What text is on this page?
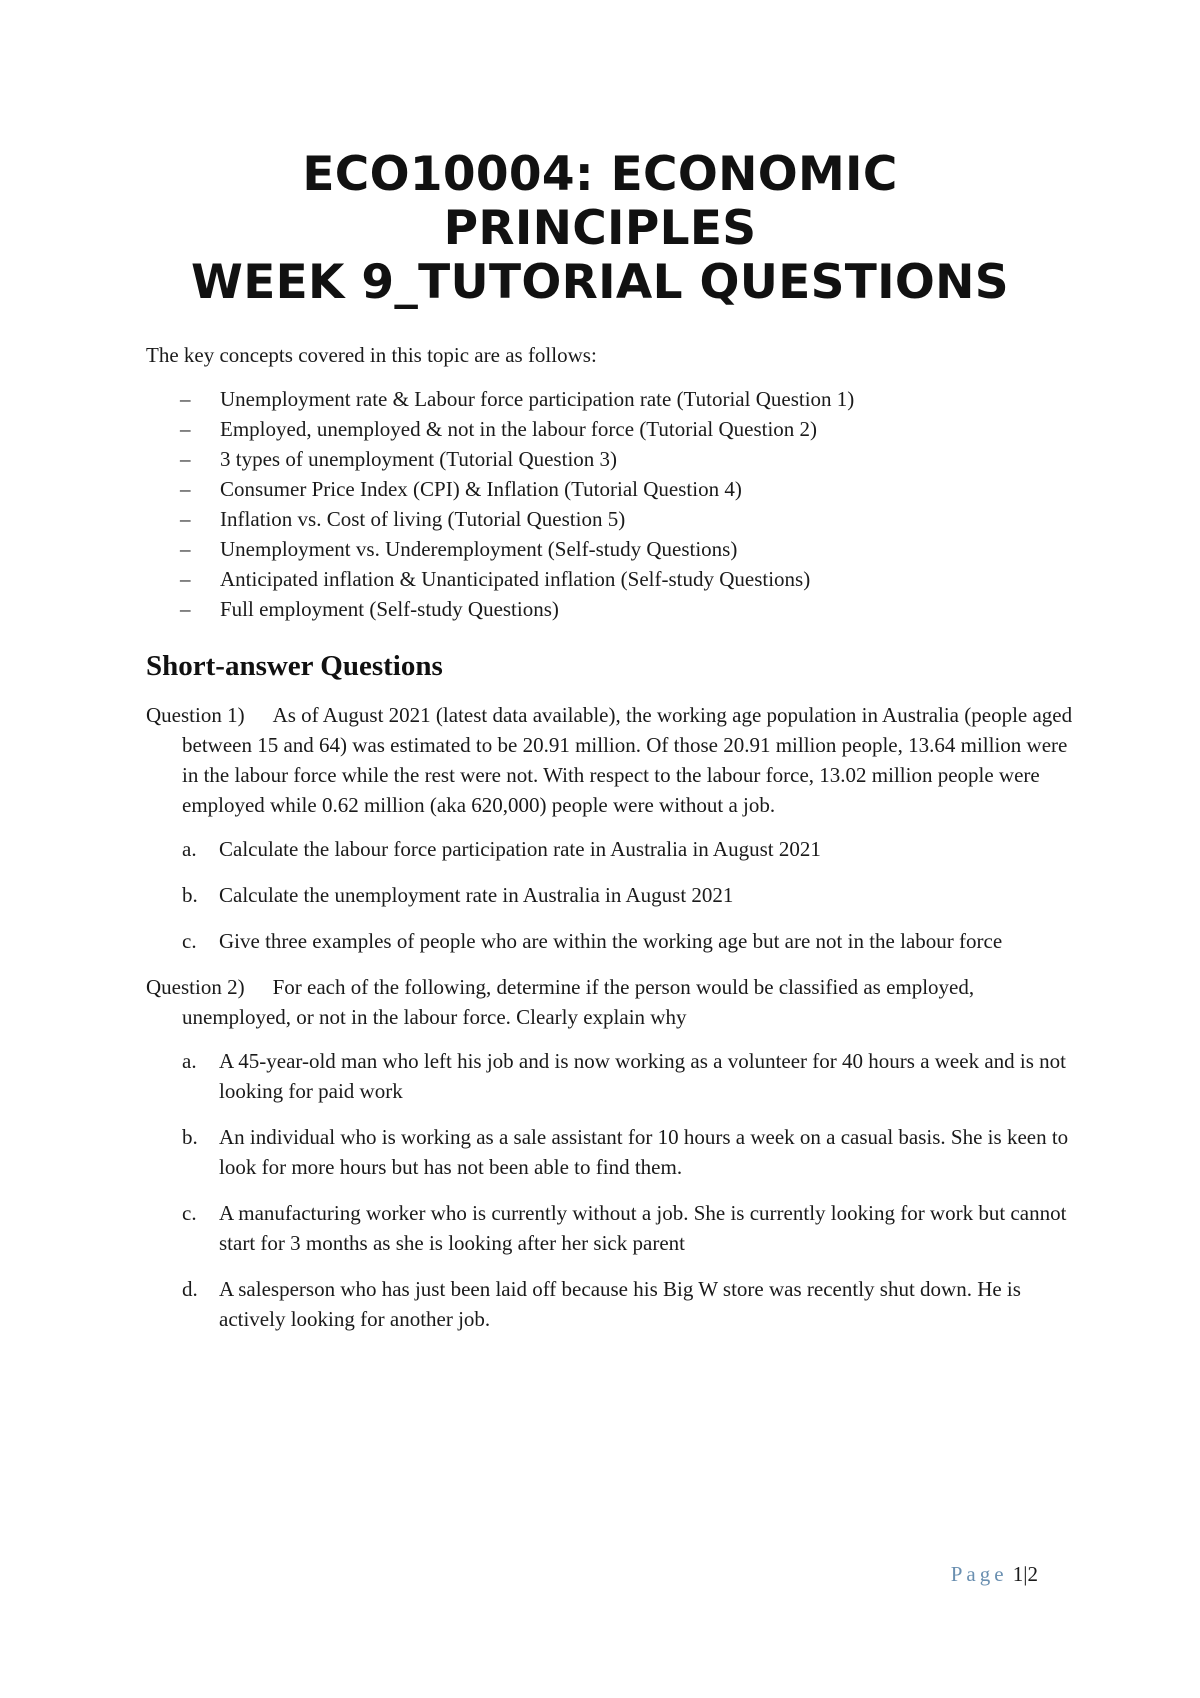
ECO10004: ECONOMIC
PRINCIPLES
WEEK 9_TUTORIAL QUESTIONS

The key concepts covered in this topic are as follows:

– Unemployment rate & Labour force participation rate (Tutorial Question 1)
– Employed, unemployed & not in the labour force (Tutorial Question 2)
– 3 types of unemployment (Tutorial Question 3)
– Consumer Price Index (CPI) & Inflation (Tutorial Question 4)
– Inflation vs. Cost of living (Tutorial Question 5)
– Unemployment vs. Underemployment (Self-study Questions)
– Anticipated inflation & Unanticipated inflation (Self-study Questions)
– Full employment (Self-study Questions)
Short-answer Questions

Question 1) As of August 2021 (latest data available), the working age population in Australia (people aged between 15 and 64) was estimated to be 20.91 million. Of those 20.91 million people, 13.64 million were in the labour force while the rest were not. With respect to the labour force, 13.02 million people were employed while 0.62 million (aka 620,000) people were without a job.

a. Calculate the labour force participation rate in Australia in August 2021
b. Calculate the unemployment rate in Australia in August 2021
c. Give three examples of people who are within the working age but are not in the labour force

Question 2) For each of the following, determine if the person would be classified as employed, unemployed, or not in the labour force. Clearly explain why

a. A 45-year-old man who left his job and is now working as a volunteer for 40 hours a week and is not looking for paid work
b. An individual who is working as a sale assistant for 10 hours a week on a casual basis. She is keen to look for more hours but has not been able to find them.
c. A manufacturing worker who is currently without a job. She is currently looking for work but cannot start for 3 months as she is looking after her sick parent
d. A salesperson who has just been laid off because his Big W store was recently shut down. He is actively looking for another job.
Page 1|2
